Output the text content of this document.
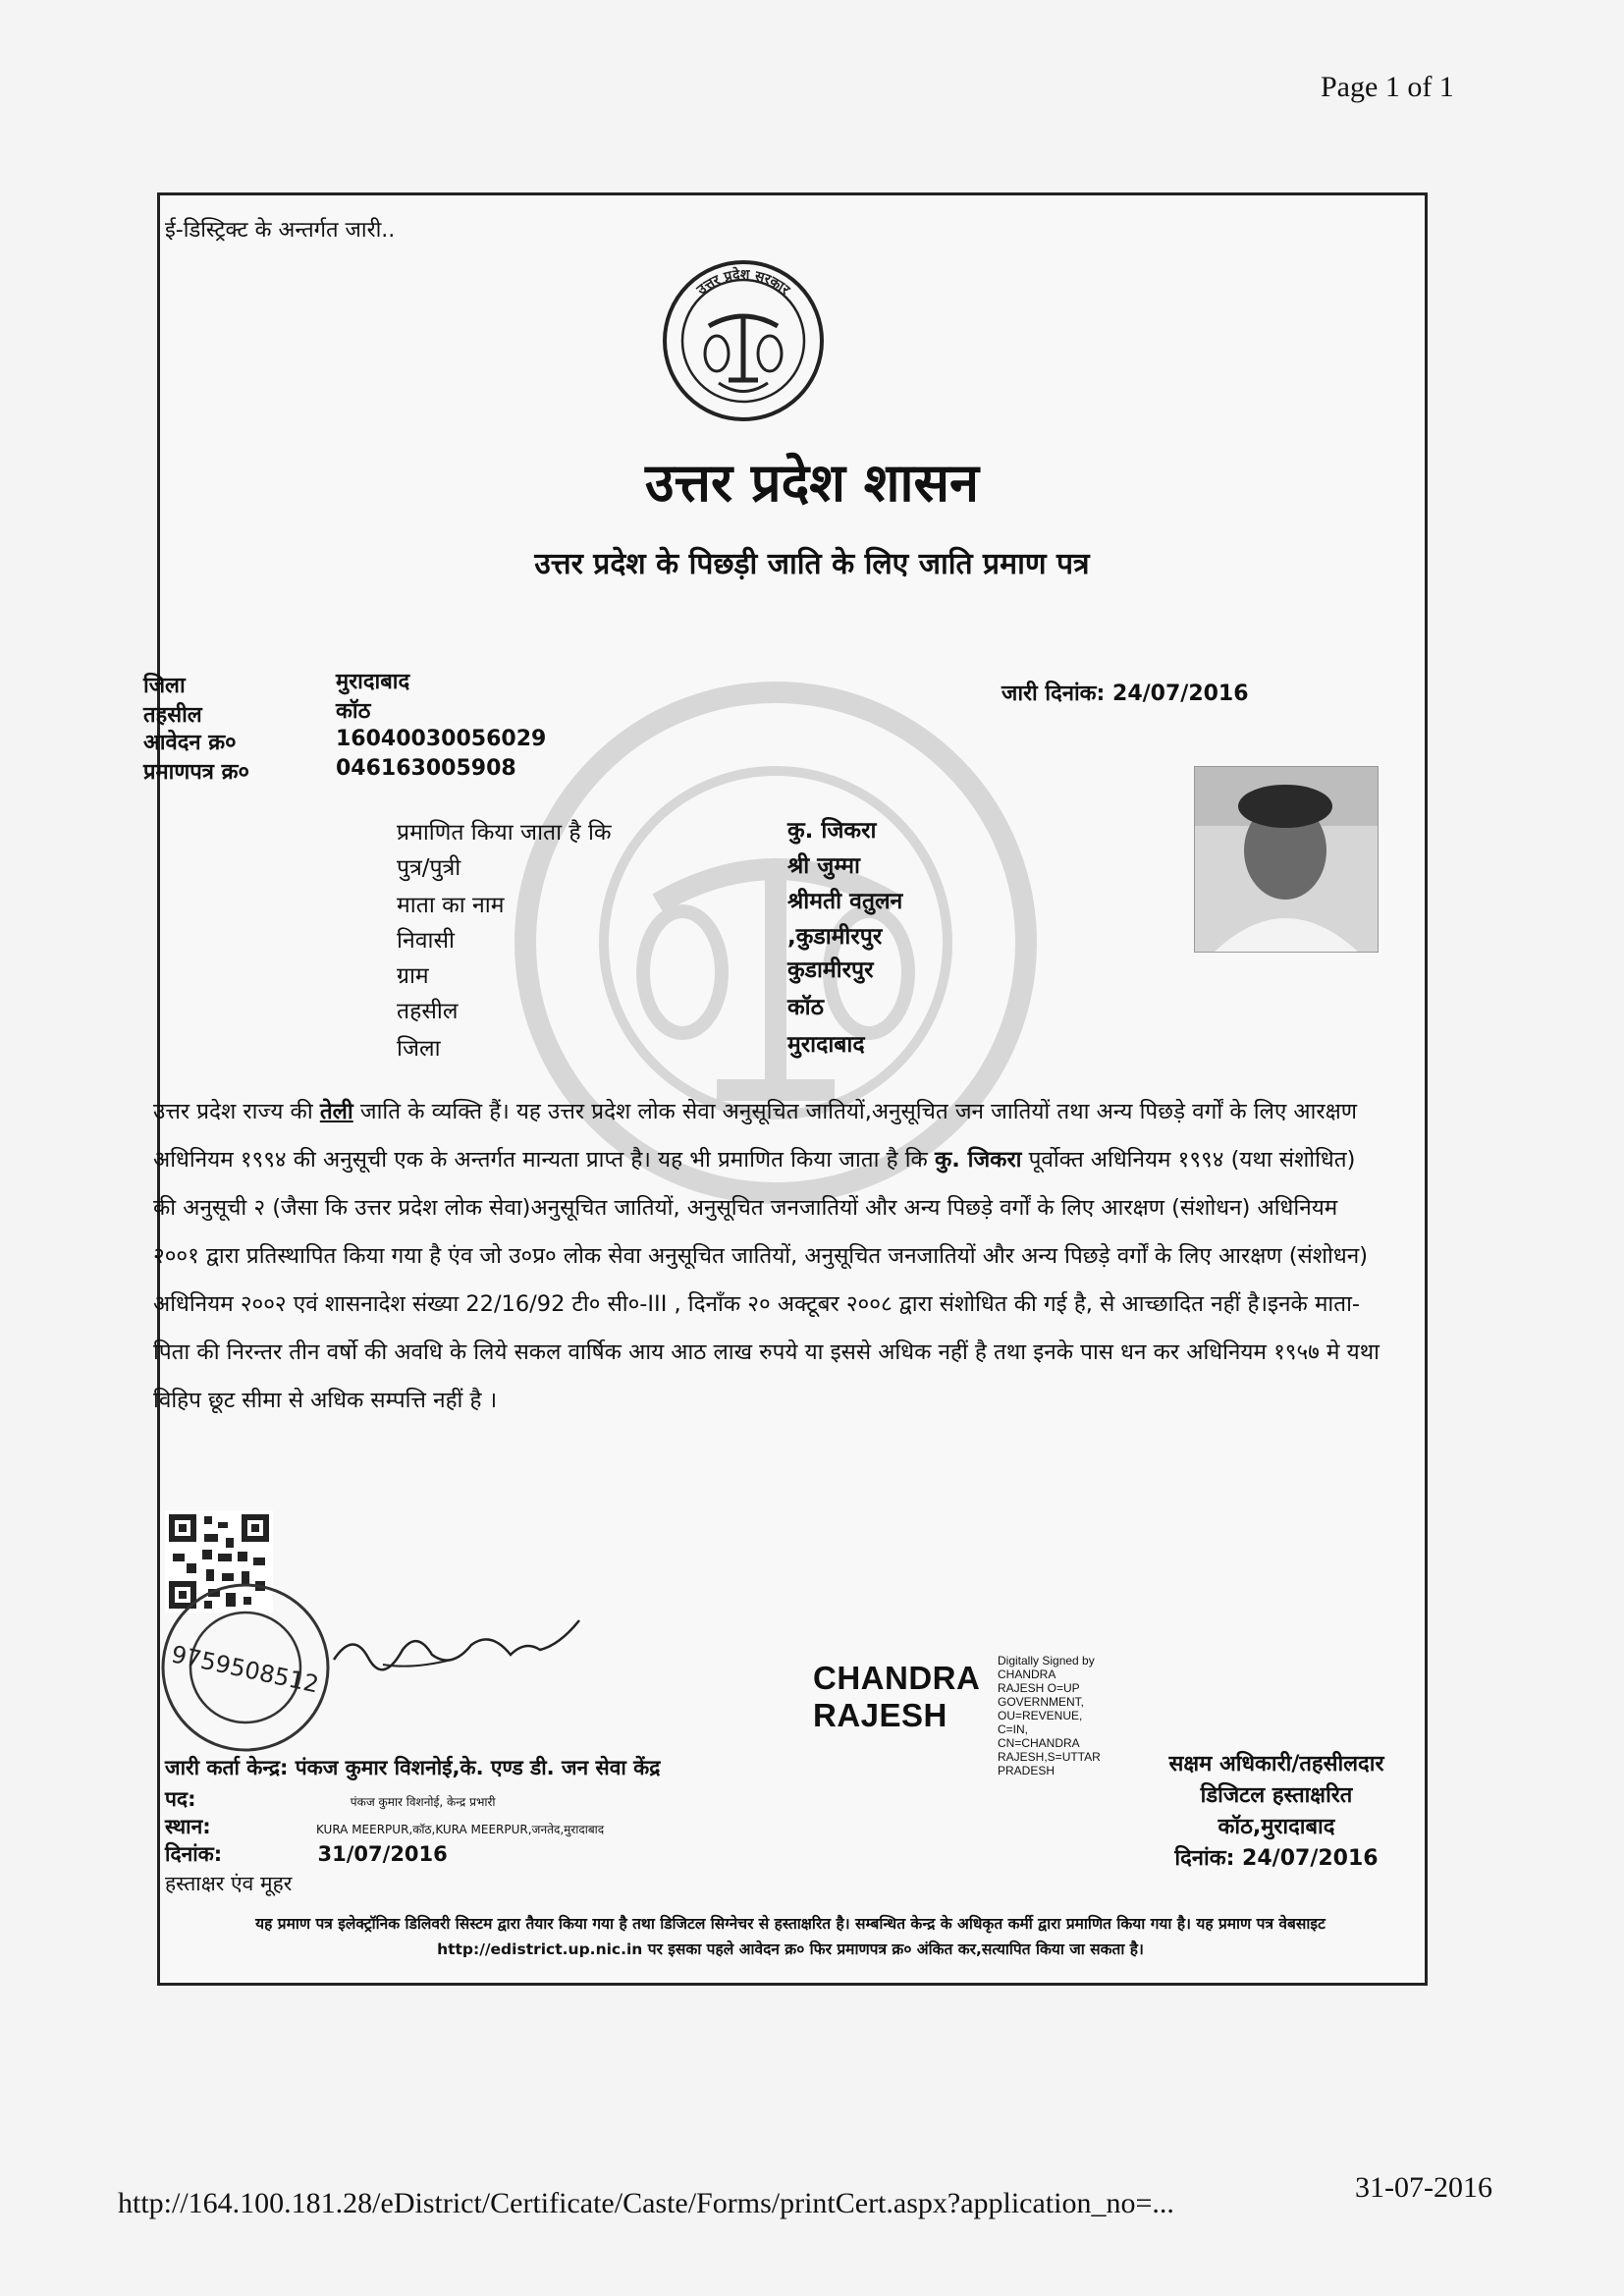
Page 1 of 1
ई-डिस्ट्रिक्ट के अन्तर्गत जारी..
उत्तर प्रदेश सरकार
उत्तर प्रदेश शासन
उत्तर प्रदेश के पिछड़ी जाति के लिए जाति प्रमाण पत्र
जिला	मुरादाबाद
तहसील	कॉठ
आवेदन क्र०	16040030056029
प्रमाणपत्र क्र०	046163005908
जारी दिनांक: 24/07/2016
प्रमाणित किया जाता है कि	कु. जिकरा
पुत्र/पुत्री	श्री जुम्मा
माता का नाम	श्रीमती वतुलन
निवासी	,कुडामीरपुर
ग्राम	कुडामीरपुर
तहसील	कॉठ
जिला	मुरादाबाद
उत्तर प्रदेश राज्य की तेली जाति के व्यक्ति हैं। यह उत्तर प्रदेश लोक सेवा अनुसूचित जातियों,अनुसूचित जन जातियों तथा अन्य पिछड़े वर्गों के लिए आरक्षण अधिनियम १९९४ की अनुसूची एक के अन्तर्गत मान्यता प्राप्त है। यह भी प्रमाणित किया जाता है कि कु. जिकरा पूर्वोक्त अधिनियम १९९४ (यथा संशोधित) की अनुसूची २ (जैसा कि उत्तर प्रदेश लोक सेवा)अनुसूचित जातियों, अनुसूचित जनजातियों और अन्य पिछड़े वर्गों के लिए आरक्षण (संशोधन) अधिनियम २००१ द्वारा प्रतिस्थापित किया गया है एंव जो उ०प्र० लोक सेवा अनुसूचित जातियों, अनुसूचित जनजातियों और अन्य पिछड़े वर्गों के लिए आरक्षण (संशोधन) अधिनियम २००२ एवं शासनादेश संख्या 22/16/92 टी० सी०-III , दिनाँक २० अक्टूबर २००८ द्वारा संशोधित की गई है, से आच्छादित नहीं है।इनके माता-पिता की निरन्तर तीन वर्षो की अवधि के लिये सकल वार्षिक आय आठ लाख रुपये या इससे अधिक नहीं है तथा इनके पास धन कर अधिनियम १९५७ मे यथा विहिप छूट सीमा से अधिक सम्पत्ति नहीं है ।
9759508512	CHANDRA
RAJESH
Digitally Signed by
CHANDRA
RAJESH O=UP
GOVERNMENT,
OU=REVENUE,
C=IN,
CN=CHANDRA
RAJESH,S=UTTAR
PRADESH	सक्षम अधिकारी/तहसीलदार
डिजिटल हस्ताक्षरित
कॉठ,मुरादाबाद
दिनांक: 24/07/2016
जारी कर्ता केन्द्र: पंकज कुमार विशनोई,के. एण्ड डी. जन सेवा केंद्र
पद:	पंकज कुमार विशनोई, केन्द्र प्रभारी
स्थान:	KURA MEERPUR,कॉठ,KURA MEERPUR,जनतेद,मुरादाबाद
दिनांक:	31/07/2016
हस्ताक्षर एंव मूहर
यह प्रमाण पत्र इलेक्ट्रॉनिक डिलिवरी सिस्टम द्वारा तैयार किया गया है तथा डिजिटल सिग्नेचर से हस्ताक्षरित है। सम्बन्धित केन्द्र के अधिकृत कर्मी द्वारा प्रमाणित किया गया है। यह प्रमाण पत्र वेबसाइट http://edistrict.up.nic.in पर इसका पहले आवेदन क्र० फिर प्रमाणपत्र क्र० अंकित कर,सत्यापित किया जा सकता है।
http://164.100.181.28/eDistrict/Certificate/Caste/Forms/printCert.aspx?application_no=...	31-07-2016
